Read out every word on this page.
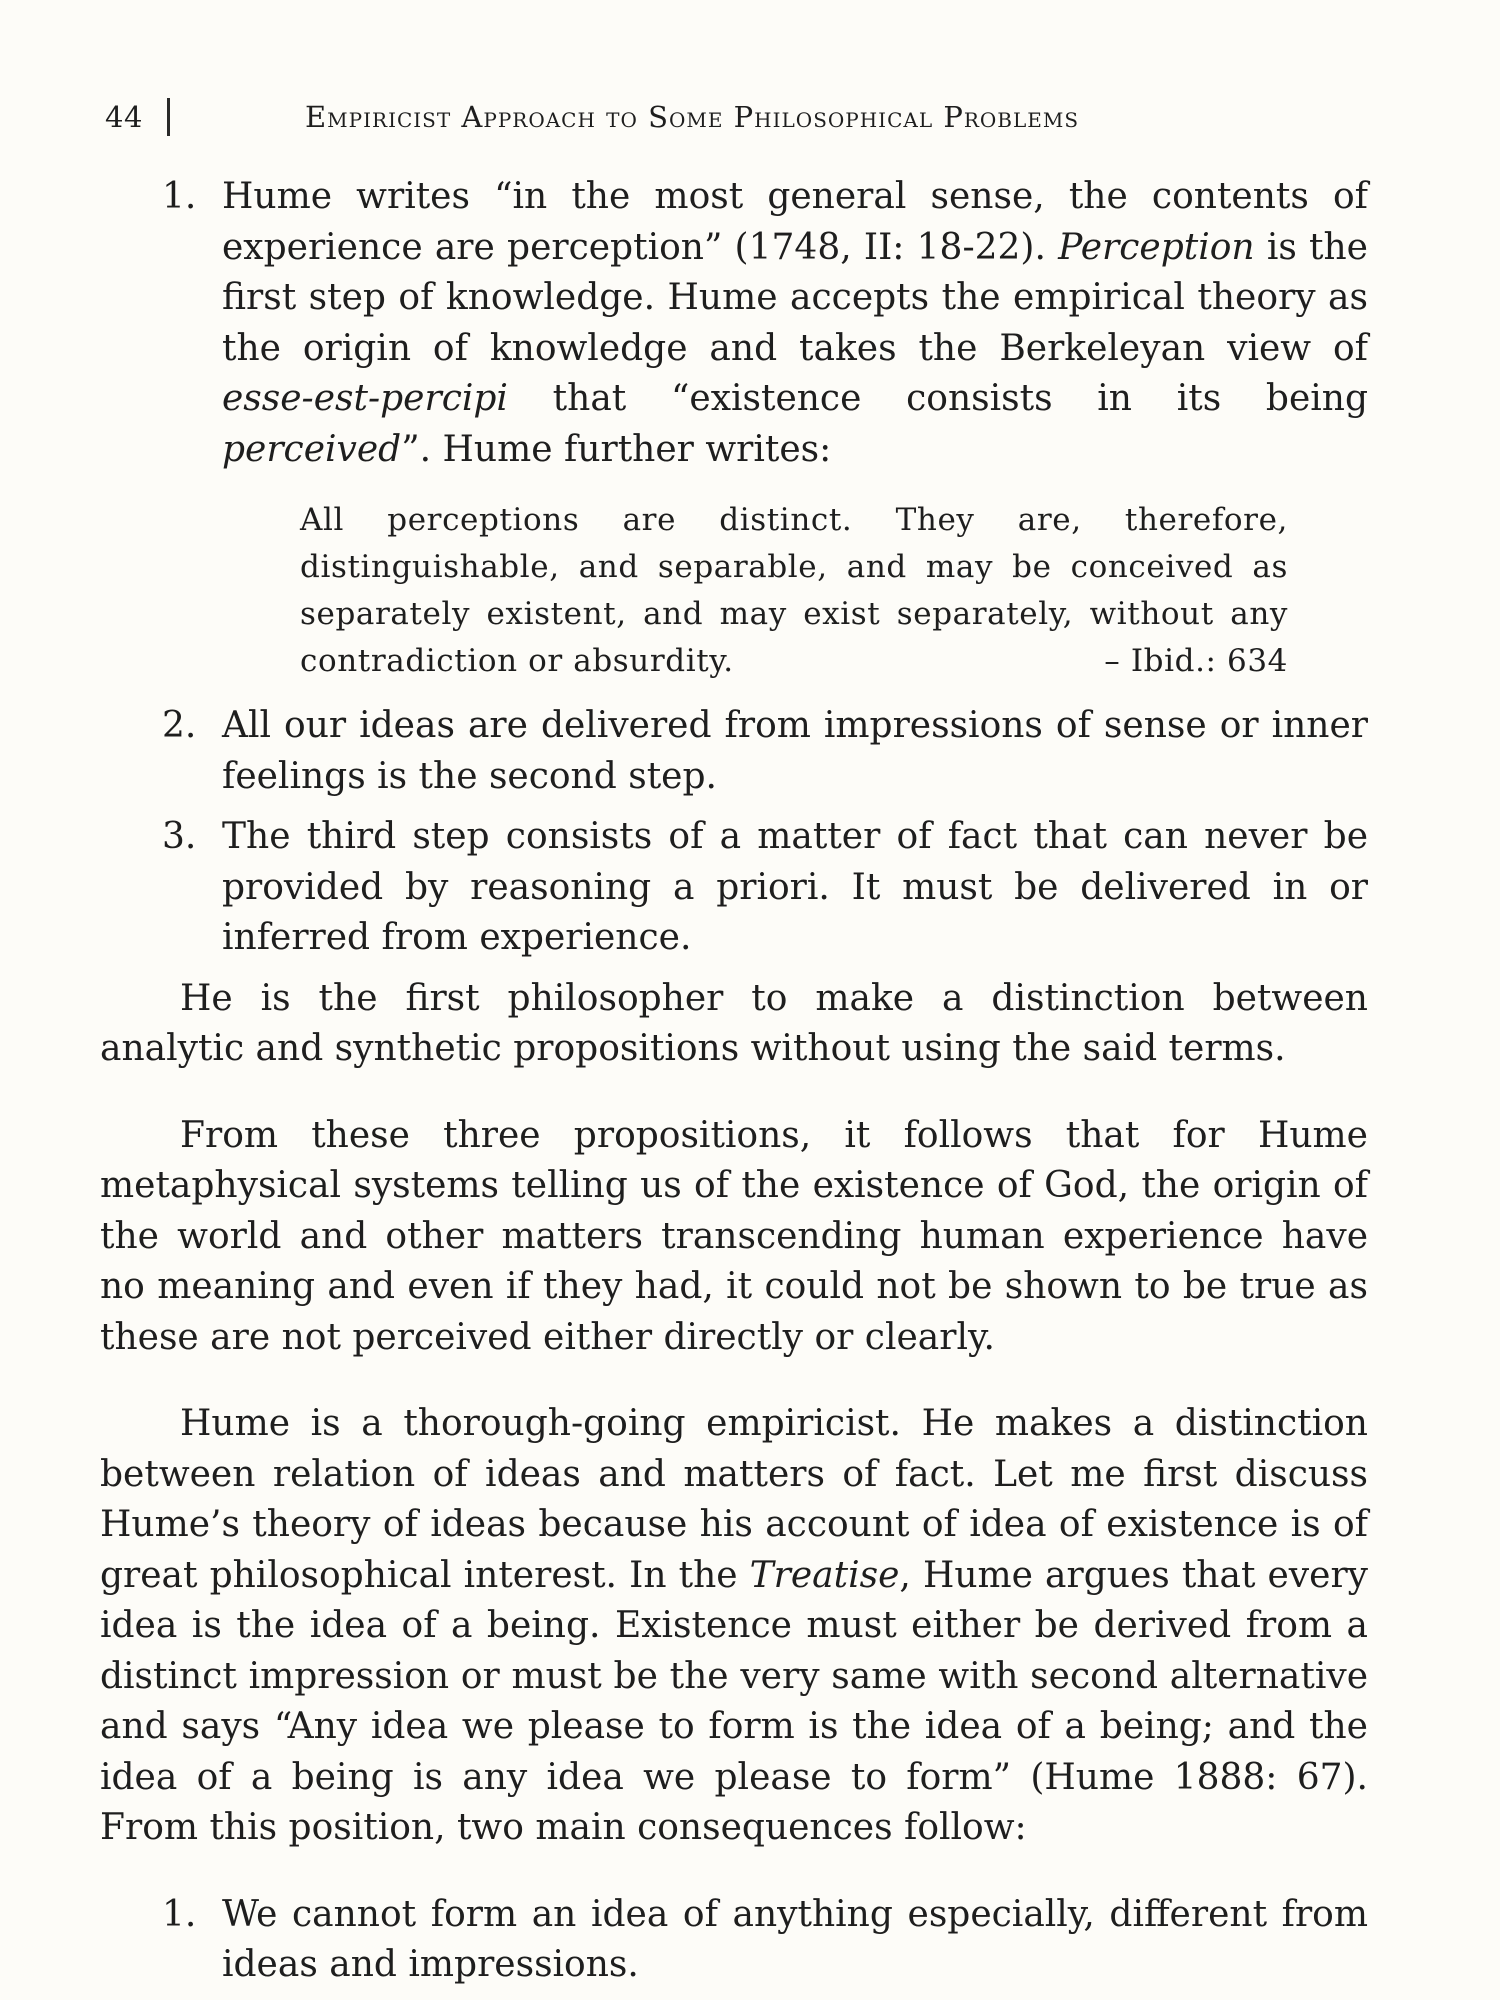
44	Empiricist Approach to Some Philosophical Problems
1. Hume writes “in the most general sense, the contents of experience are perception” (1748, II: 18-22). Perception is the first step of knowledge. Hume accepts the empirical theory as the origin of knowledge and takes the Berkeleyan view of esse-est-percipi that “existence consists in its being perceived”. Hume further writes:
All perceptions are distinct. They are, therefore, distinguishable, and separable, and may be conceived as separately existent, and may exist separately, without any contradiction or absurdity.	– Ibid.: 634
2. All our ideas are delivered from impressions of sense or inner feelings is the second step.
3. The third step consists of a matter of fact that can never be provided by reasoning a priori. It must be delivered in or inferred from experience.

He is the first philosopher to make a distinction between analytic and synthetic propositions without using the said terms.

From these three propositions, it follows that for Hume metaphysical systems telling us of the existence of God, the origin of the world and other matters transcending human experience have no meaning and even if they had, it could not be shown to be true as these are not perceived either directly or clearly.

Hume is a thorough-going empiricist. He makes a distinction between relation of ideas and matters of fact. Let me first discuss Hume’s theory of ideas because his account of idea of existence is of great philosophical interest. In the Treatise, Hume argues that every idea is the idea of a being. Existence must either be derived from a distinct impression or must be the very same with second alternative and says “Any idea we please to form is the idea of a being; and the idea of a being is any idea we please to form” (Hume 1888: 67). From this position, two main consequences follow:

1. We cannot form an idea of anything especially, different from ideas and impressions.
